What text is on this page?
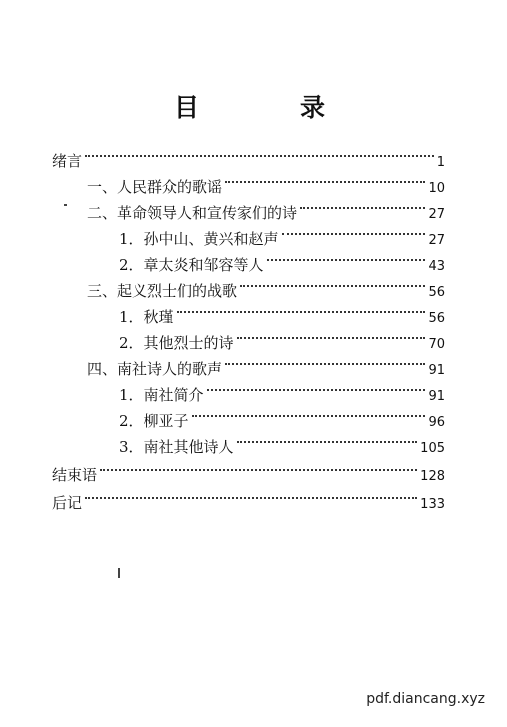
目　录
绪言	1
一、人民群众的歌谣	10
二、革命领导人和宣传家们的诗	27
1．孙中山、黄兴和赵声	27
2．章太炎和邹容等人	43
三、起义烈士们的战歌	56
1．秋瑾	56
2．其他烈士的诗	70
四、南社诗人的歌声	91
1．南社简介	91
2．柳亚子	96
3．南社其他诗人	105
结束语	128
后记	133
pdf.diancang.xyz
